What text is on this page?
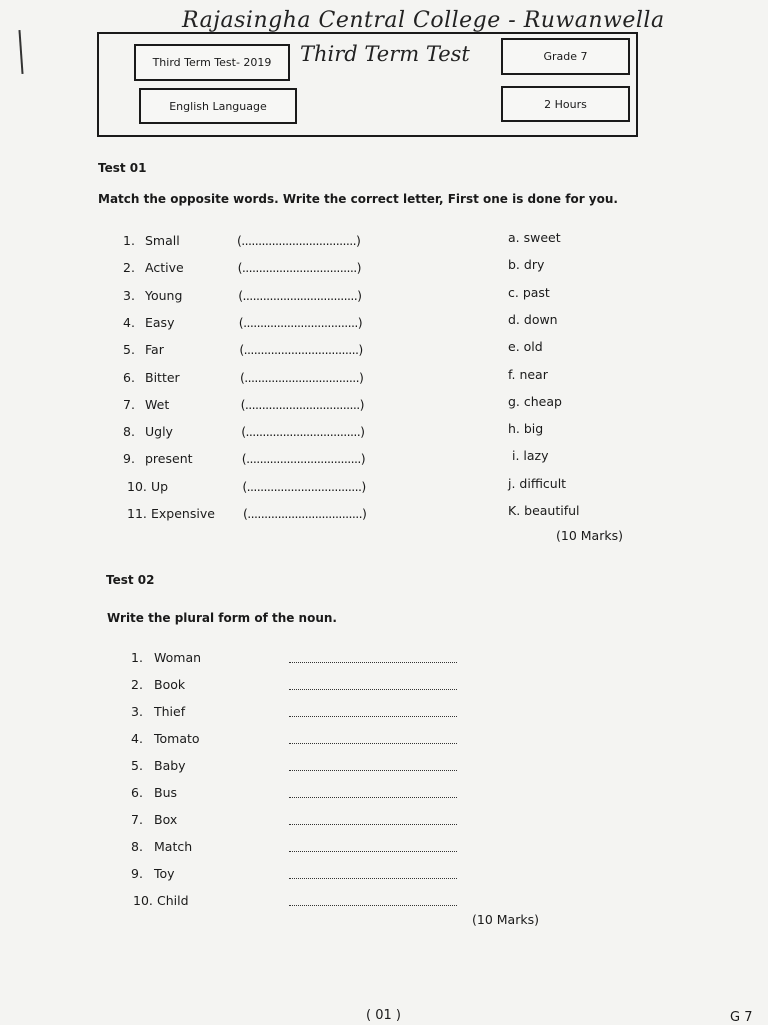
Rajasingha Central College - Ruwanwella
Third Term Test- 2019	Third Term Test	Grade 7
English Language	2 Hours
Test 01
Match the opposite words. Write the correct letter, First one is done for you.
1. Small	(..................................)	a. sweet
2. Active	(..................................)	b. dry
3. Young	(..................................)	c. past
4. Easy	(..................................)	d. down
5. Far	(..................................)	e. old
6. Bitter	(..................................)	f. near
7. Wet	(..................................)	g. cheap
8. Ugly	(..................................)	h. big
9. present	(..................................)	i. lazy
10. Up	(..................................)	j. difficult
11. Expensive (..................................)	K. beautiful
(10 Marks)
Test 02
Write the plural form of the noun.
1. Woman
2. Book
3. Thief
4. Tomato
5. Baby
6. Bus
7. Box
8. Match
9. Toy
10. Child
(10 Marks)
( 01 )	G 7
